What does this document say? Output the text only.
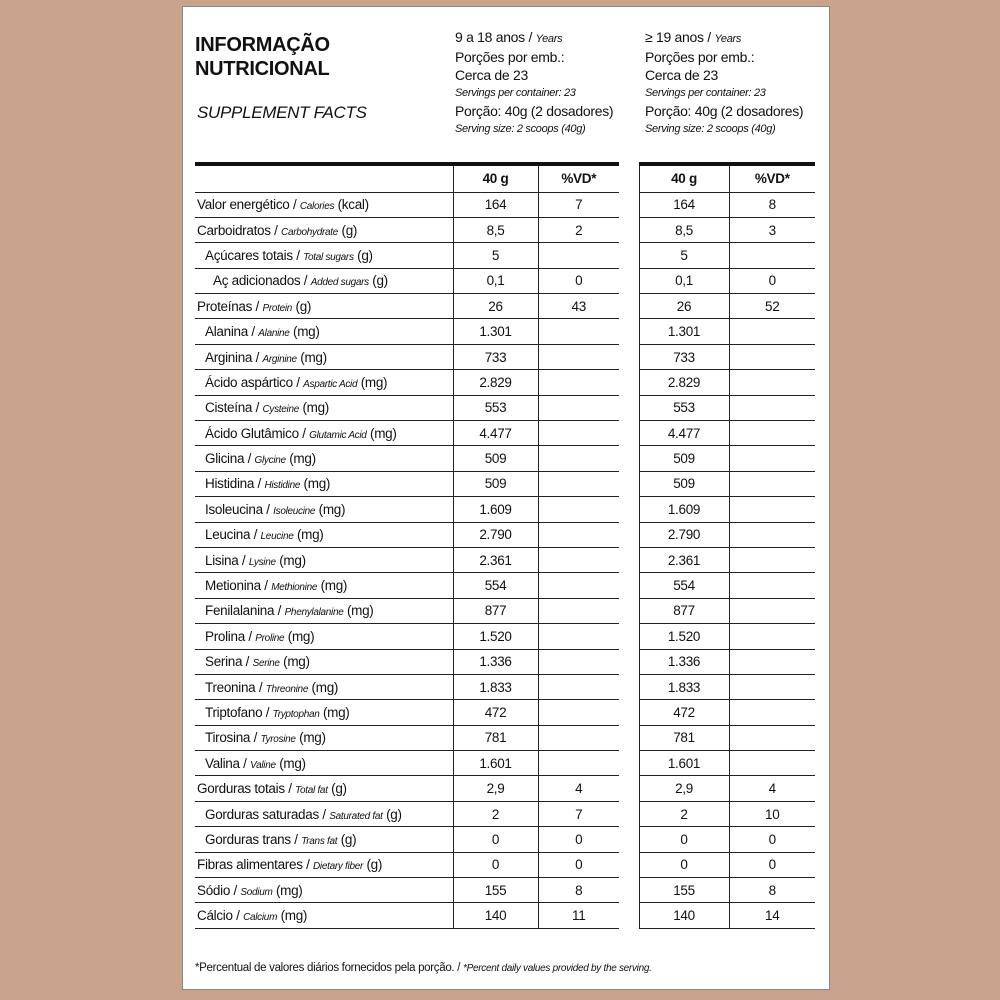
INFORMAÇÃO
NUTRICIONAL
SUPPLEMENT FACTS
9 a 18 anos / Years
Porções por emb.:
Cerca de 23
Servings per container: 23
Porção: 40g (2 dosadores)
Serving size: 2 scoops (40g)
≥ 19 anos / Years
Porções por emb.:
Cerca de 23
Servings per container: 23
Porção: 40g (2 dosadores)
Serving size: 2 scoops (40g)
	40 g	%VD*		40 g	%VD*
Valor energético / Calories (kcal)	164	7		164	8
Carboidratos / Carbohydrate (g)	8,5	2		8,5	3
Açúcares totais / Total sugars (g)	5			5	
Aç adicionados / Added sugars (g)	0,1	0		0,1	0
Proteínas / Protein (g)	26	43		26	52
Alanina / Alanine (mg)	1.301			1.301	
Arginina / Arginine (mg)	733			733	
Ácido aspártico / Aspartic Acid (mg)	2.829			2.829	
Cisteína / Cysteine (mg)	553			553	
Ácido Glutâmico / Glutamic Acid (mg)	4.477			4.477	
Glicina / Glycine (mg)	509			509	
Histidina / Histidine (mg)	509			509	
Isoleucina / Isoleucine (mg)	1.609			1.609	
Leucina / Leucine (mg)	2.790			2.790	
Lisina / Lysine (mg)	2.361			2.361	
Metionina / Methionine (mg)	554			554	
Fenilalanina / Phenylalanine (mg)	877			877	
Prolina / Proline (mg)	1.520			1.520	
Serina / Serine (mg)	1.336			1.336	
Treonina / Threonine (mg)	1.833			1.833	
Triptofano / Tryptophan (mg)	472			472	
Tirosina / Tyrosine (mg)	781			781	
Valina / Valine (mg)	1.601			1.601	
Gorduras totais / Total fat (g)	2,9	4		2,9	4
Gorduras saturadas / Saturated fat (g)	2	7		2	10
Gorduras trans / Trans fat (g)	0	0		0	0
Fibras alimentares / Dietary fiber (g)	0	0		0	0
Sódio / Sodium (mg)	155	8		155	8
Cálcio / Calcium (mg)	140	11		140	14
*Percentual de valores diários fornecidos pela porção. / *Percent daily values provided by the serving.
